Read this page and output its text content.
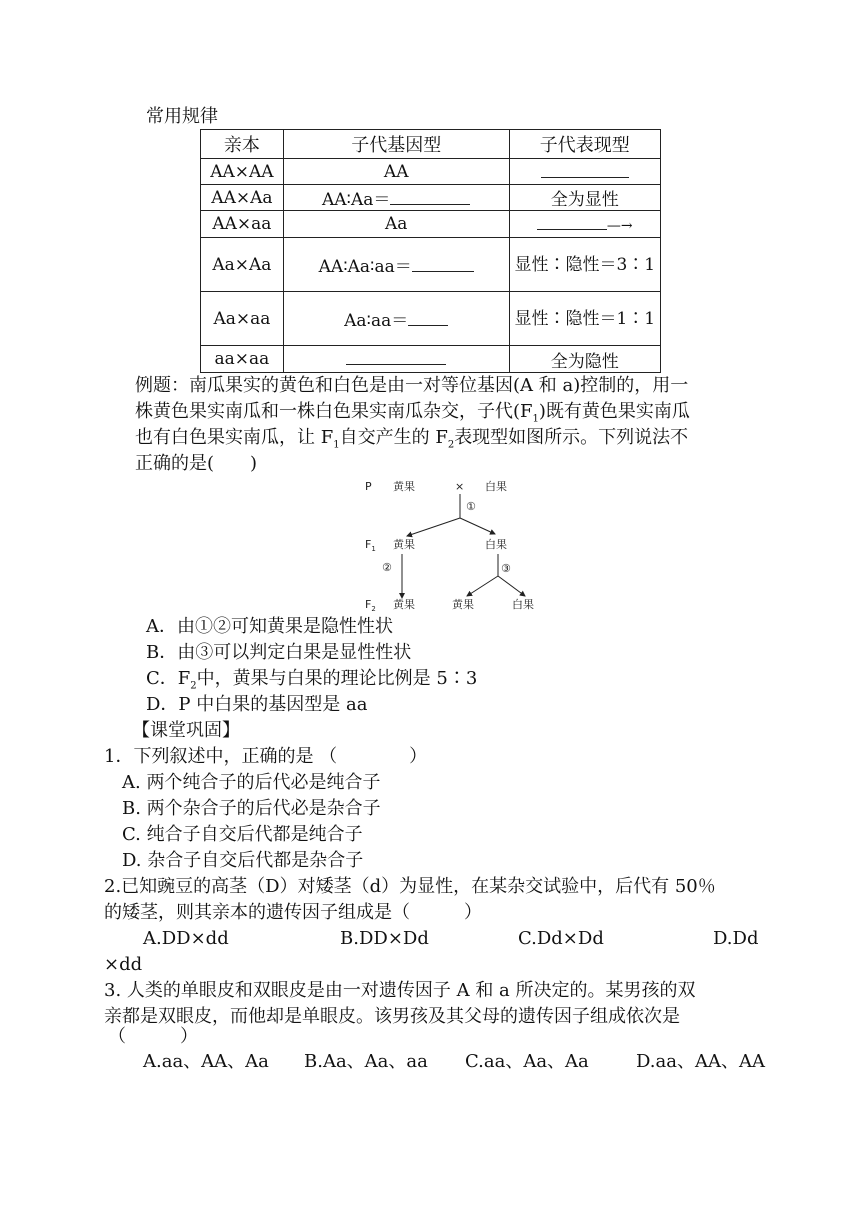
常用规律
亲本	子代基因型	子代表现型
AA×AA	AA	
AA×Aa	AA∶Aa＝	全为显性
AA×aa	Aa	—→
Aa×Aa	AA∶Aa∶aa＝	显性∶隐性＝3∶1
Aa×aa	Aa∶aa＝	显性∶隐性＝1∶1
aa×aa		全为隐性
例题：南瓜果实的黄色和白色是由一对等位基因(A 和 a)控制的，用一
株黄色果实南瓜和一株白色果实南瓜杂交，子代$(F_1)$既有黄色果实南瓜
也有白色果实南瓜，让 $F_1$自交产生的 $F_2$表现型如图所示。下列说法不
正确的是(　　)
P 黄果	× 白果
①
$F_1$ 黄果	白果
②	③
$F_2$ 黄果	黄果	白果
A．由①②可知黄果是隐性性状
B．由③可以判定白果是显性性状
C．$F_2$中，黄果与白果的理论比例是 5∶3
D．P 中白果的基因型是 aa
【课堂巩固】
1．下列叙述中，正确的是 （　　　　）
A. 两个纯合子的后代必是纯合子
B. 两个杂合子的后代必是杂合子
C. 纯合子自交后代都是纯合子
D. 杂合子自交后代都是杂合子
2.已知豌豆的高茎（D）对矮茎（d）为显性，在某杂交试验中，后代有 50％
的矮茎，则其亲本的遗传因子组成是（　　　）
A.DD×dd	B.DD×Dd	C.Dd×Dd	D.Dd
×dd
3. 人类的单眼皮和双眼皮是由一对遗传因子 A 和 a 所决定的。某男孩的双
亲都是双眼皮，而他却是单眼皮。该男孩及其父母的遗传因子组成依次是
（　　　）
A.aa、AA、Aa B.Aa、Aa、aa C.aa、Aa、Aa	D.aa、AA、AA
